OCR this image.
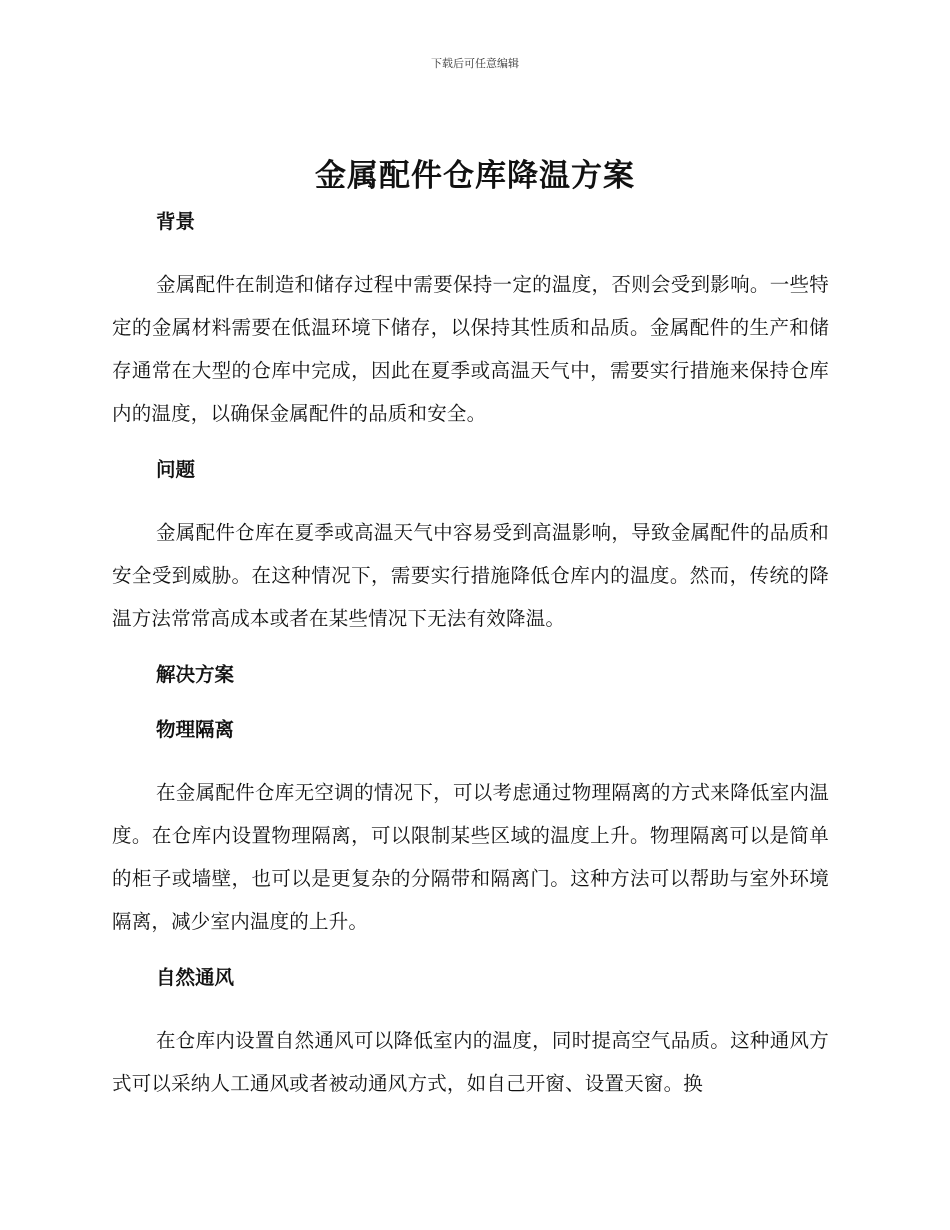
下载后可任意编辑
金属配件仓库降温方案
背景

金属配件在制造和储存过程中需要保持一定的温度，否则会受到影响。一些特定的金属材料需要在低温环境下储存，以保持其性质和品质。金属配件的生产和储存通常在大型的仓库中完成，因此在夏季或高温天气中，需要实行措施来保持仓库内的温度，以确保金属配件的品质和安全。

问题

金属配件仓库在夏季或高温天气中容易受到高温影响，导致金属配件的品质和安全受到威胁。在这种情况下，需要实行措施降低仓库内的温度。然而，传统的降温方法常常高成本或者在某些情况下无法有效降温。

解决方案
物理隔离

在金属配件仓库无空调的情况下，可以考虑通过物理隔离的方式来降低室内温度。在仓库内设置物理隔离，可以限制某些区域的温度上升。物理隔离可以是简单的柜子或墙壁，也可以是更复杂的分隔带和隔离门。这种方法可以帮助与室外环境隔离，减少室内温度的上升。

自然通风

在仓库内设置自然通风可以降低室内的温度，同时提高空气品质。这种通风方式可以采纳人工通风或者被动通风方式，如自己开窗、设置天窗。换
